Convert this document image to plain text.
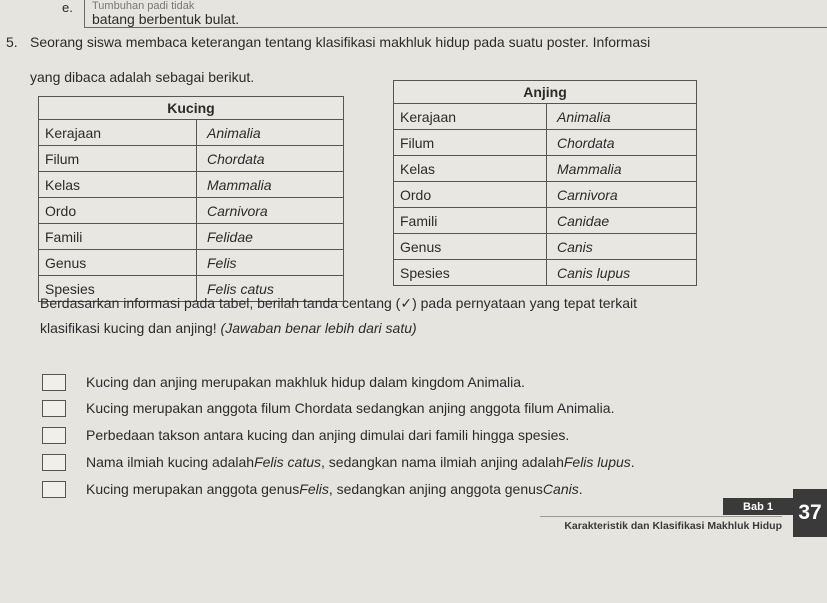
e. Tumbuhan padi tidak
batang berbentuk bulat.
5. Seorang siswa membaca keterangan tentang klasifikasi makhluk hidup pada suatu poster. Informasi
yang dibaca adalah sebagai berikut.
Kucing	
Kerajaan	Animalia
Filum	Chordata
Kelas	Mammalia
Ordo	Carnivora
Famili	Felidae
Genus	Felis
Spesies	Felis catus
Anjing	
Kerajaan	Animalia
Filum	Chordata
Kelas	Mammalia
Ordo	Carnivora
Famili	Canidae
Genus	Canis
Spesies	Canis lupus
Berdasarkan informasi pada tabel, berilah tanda centang (✓) pada pernyataan yang tepat terkait
klasifikasi kucing dan anjing! (Jawaban benar lebih dari satu)
Kucing dan anjing merupakan makhluk hidup dalam kingdom Animalia.
Kucing merupakan anggota filum Chordata sedangkan anjing anggota filum Animalia.
Perbedaan takson antara kucing dan anjing dimulai dari famili hingga spesies.
Nama ilmiah kucing adalah Felis catus , sedangkan nama ilmiah anjing adalah Felis lupus .
Kucing merupakan anggota genus Felis , sedangkan anjing anggota genus Canis .
Bab 1
Karakteristik dan Klasifikasi Makhluk Hidup
37
